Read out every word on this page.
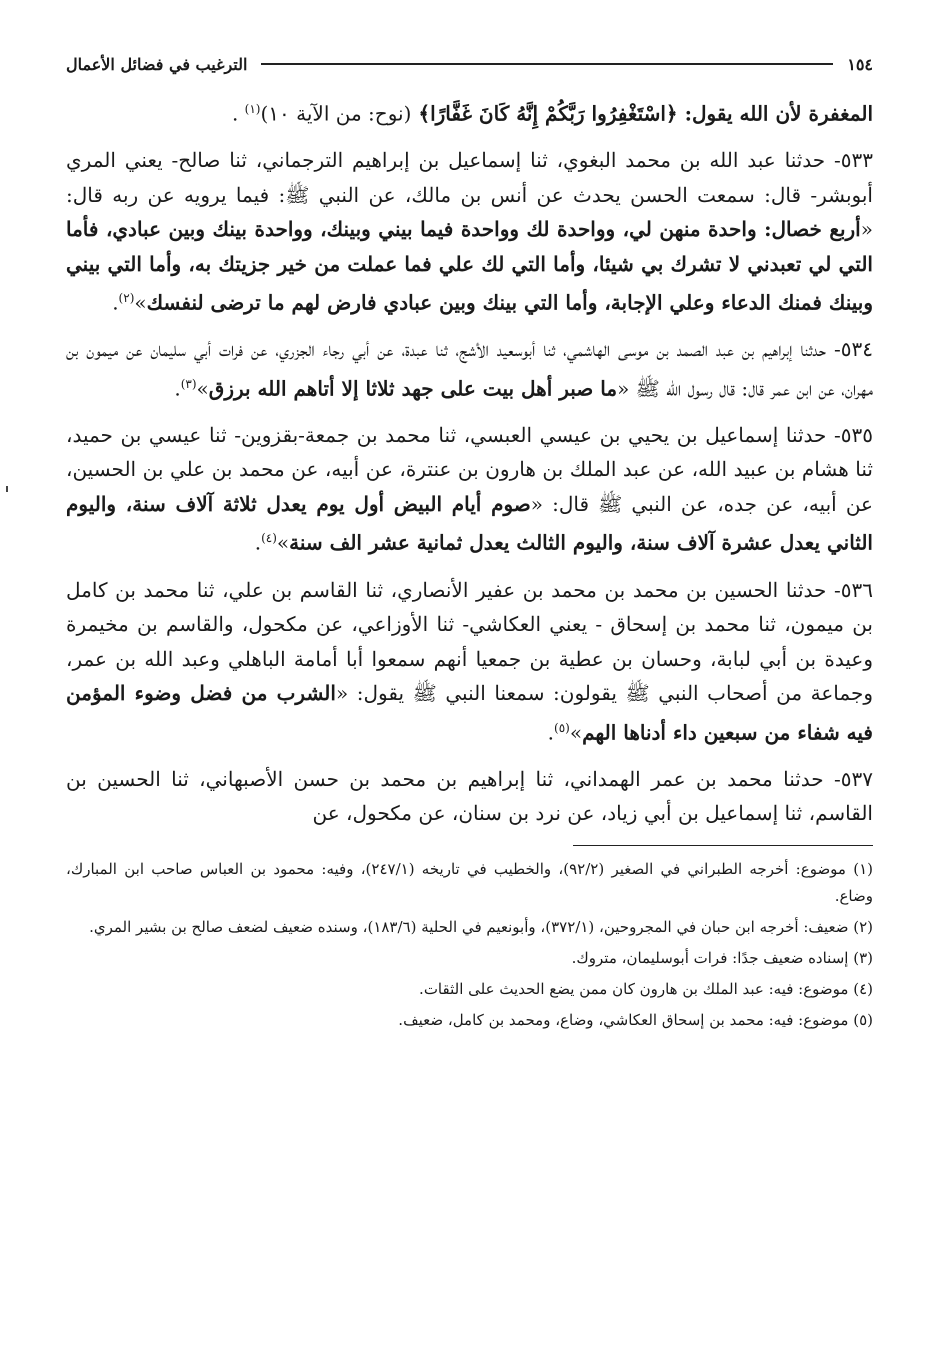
١٥٤
الترغيب في فضائل الأعمال

المغفرة لأن الله يقول: ﴿اسْتَغْفِرُوا رَبَّكُمْ إِنَّهُ كَانَ غَفَّارًا﴾ (نوح: من الآية ١٠)$^{(١)}$ .

٥٣٣- حدثنا عبد الله بن محمد البغوي، ثنا إسماعيل بن إبراهيم الترجماني، ثنا صالح- يعني المري أبوبشر- قال: سمعت الحسن يحدث عن أنس بن مالك، عن النبي ﷺ: فيما يرويه عن ربه قال: «أربع خصال: واحدة منهن لي، وواحدة لك وواحدة فيما بيني وبينك، وواحدة بينك وبين عبادي، فأما التي لي تعبدني لا تشرك بي شيئا، وأما التي لك علي فما عملت من خير جزيتك به، وأما التي بيني وبينك فمنك الدعاء وعلي الإجابة، وأما التي بينك وبين عبادي فارض لهم ما ترضى لنفسك»$^{(٢)}$.

٥٣٤- حدثنا إبراهيم بن عبد الصمد بن موسى الهاشمي، ثنا أبوسعيد الأشج، ثنا عبدة، عن أبي رجاء الجزري، عن فرات أبي سليمان عن ميمون بن مهران، عن ابن عمر قال: قال رسول الله ﷺ «ما صبر أهل بيت على جهد ثلاثا إلا أتاهم الله برزق»$^{(٣)}$.

٥٣٥- حدثنا إسماعيل بن يحيي بن عيسي العبسي، ثنا محمد بن جمعة-بقزوين- ثنا عيسي بن حميد، ثنا هشام بن عبيد الله، عن عبد الملك بن هارون بن عنترة، عن أبيه، عن محمد بن علي بن الحسين، عن أبيه، عن جده، عن النبي ﷺ قال: «صوم أيام البيض أول يوم يعدل ثلاثة آلاف سنة، واليوم الثاني يعدل عشرة آلاف سنة، واليوم الثالث يعدل ثمانية عشر الف سنة»$^{(٤)}$.

٥٣٦- حدثنا الحسين بن محمد بن محمد بن عفير الأنصاري، ثنا القاسم بن علي، ثنا محمد بن كامل بن ميمون، ثنا محمد بن إسحاق - يعني العكاشي- ثنا الأوزاعي، عن مكحول، والقاسم بن مخيمرة وعيدة بن أبي لبابة، وحسان بن عطية بن جمعيا أنهم سمعوا أبا أمامة الباهلي وعبد الله بن عمر، وجماعة من أصحاب النبي ﷺ يقولون: سمعنا النبي ﷺ يقول: «الشرب من فضل وضوء المؤمن فيه شفاء من سبعين داء أدناها الهم»$^{(٥)}$.

٥٣٧- حدثنا محمد بن عمر الهمداني، ثنا إبراهيم بن محمد بن حسن الأصبهاني، ثنا الحسين بن القاسم، ثنا إسماعيل بن أبي زياد، عن نرد بن سنان، عن مكحول، عن

(١) موضوع: أخرجه الطبراني في الصغير (٩٢/٢)، والخطيب في تاريخه (٢٤٧/١)، وفيه: محمود بن العباس صاحب ابن المبارك، وضاع.

(٢) ضعيف: أخرجه ابن حبان في المجروحين، (٣٧٢/١)، وأبونعيم في الحلية (١٨٣/٦)، وسنده ضعيف لضعف صالح بن بشير المري.

(٣) إسناده ضعيف جدًا: فرات أبوسليمان، متروك.

(٤) موضوع: فيه: عبد الملك بن هارون كان ممن يضع الحديث على الثقات.

(٥) موضوع: فيه: محمد بن إسحاق العكاشي، وضاع، ومحمد بن كامل، ضعيف.
